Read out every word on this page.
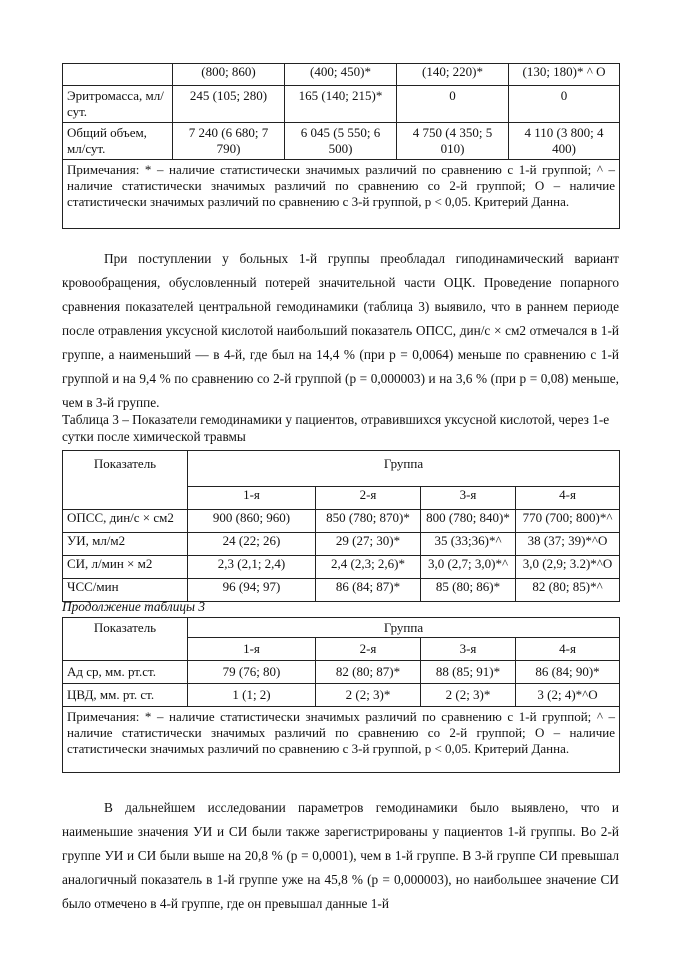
	(800; 860)	(400; 450)*	(140; 220)*	(130; 180)* ^ О
Эритромасса, мл/сут.	245 (105; 280)	165 (140; 215)*	0	0
Общий объем, мл/сут.	7 240 (6 680; 7 790)	6 045 (5 550; 6 500)	4 750 (4 350; 5 010)	4 110 (3 800; 4 400)
Примечания: * – наличие статистически значимых различий по сравнению с 1-й группой; ^ –наличие статистически значимых различий по сравнению со 2-й группой; О – наличие статистически значимых различий по сравнению с 3-й группой, p < 0,05. Критерий Данна.				

При поступлении у больных 1-й группы преобладал гиподинамический вариант кровообращения, обусловленный потерей значительной части ОЦК. Проведение попарного сравнения показателей центральной гемодинамики (таблица 3) выявило, что в раннем периоде после отравления уксусной кислотой наибольший показатель ОПСС, дин/с × см2 отмечался в 1-й группе, а наименьший — в 4-й, где был на 14,4 % (при p = 0,0064) меньше по сравнению с 1-й группой и на 9,4 % по сравнению со 2-й группой (p = 0,000003) и на 3,6 % (при p = 0,08) меньше, чем в 3-й группе.

Таблица 3 – Показатели гемодинамики у пациентов, отравившихся уксусной кислотой, через 1-е сутки после химической травмы

Показатель	Группа			
	1-я	2-я	3-я	4-я
ОПСС, дин/с × см2	900 (860; 960)	850 (780; 870)*	800 (780; 840)*	770 (700; 800)*^
УИ, мл/м2	24 (22; 26)	29 (27; 30)*	35 (33;36)*^	38 (37; 39)*^О
СИ, л/мин × м2	2,3 (2,1; 2,4)	2,4 (2,3; 2,6)*	3,0 (2,7; 3,0)*^	3,0 (2,9; 3.2)*^О
ЧСС/мин	96 (94; 97)	86 (84; 87)*	85 (80; 86)*	82 (80; 85)*^

Продолжение таблицы 3

Показатель	Группа			
	1-я	2-я	3-я	4-я
Ад ср, мм. рт.ст.	79 (76; 80)	82 (80; 87)*	88 (85; 91)*	86 (84; 90)*
ЦВД, мм. рт. ст.	1 (1; 2)	2 (2; 3)*	2 (2; 3)*	3 (2; 4)*^О
Примечания: * – наличие статистически значимых различий по сравнению с 1-й группой; ^ –наличие статистически значимых различий по сравнению со 2-й группой; О – наличие статистически значимых различий по сравнению с 3-й группой, p < 0,05. Критерий Данна.				

В дальнейшем исследовании параметров гемодинамики было выявлено, что и наименьшие значения УИ и СИ были также зарегистрированы у пациентов 1-й группы. Во 2-й группе УИ и СИ были выше на 20,8 % (p = 0,0001), чем в 1-й группе. В 3-й группе СИ превышал аналогичный показатель в 1-й группе уже на 45,8 % (p = 0,000003), но наибольшее значение СИ было отмечено в 4-й группе, где он превышал данные 1-й
